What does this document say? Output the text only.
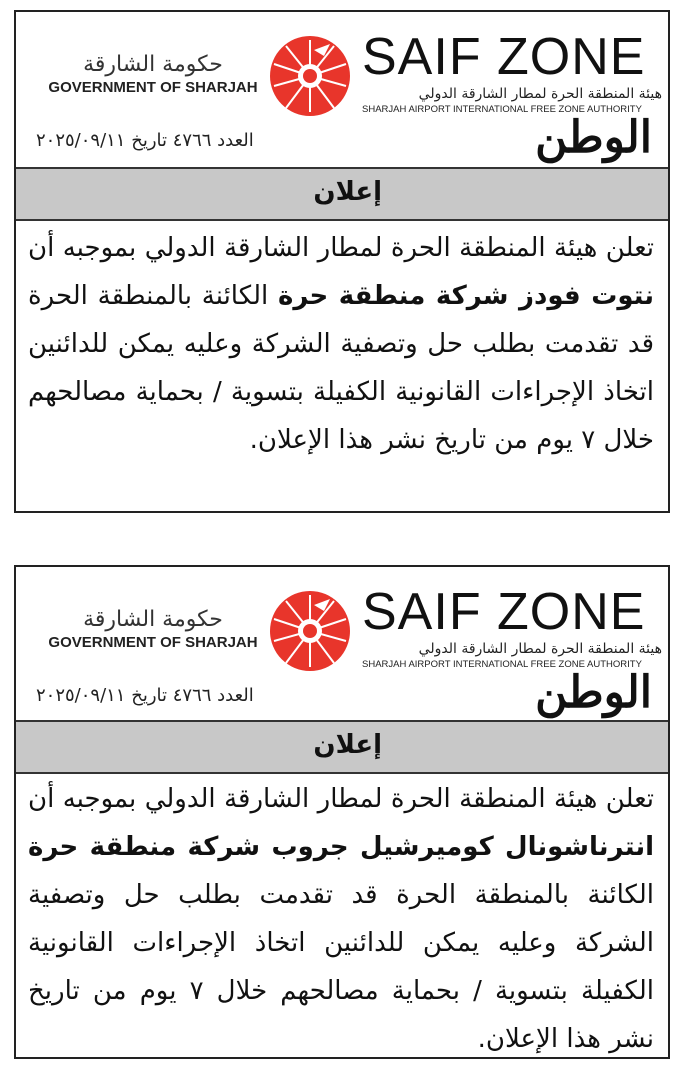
حكومة الشارقة
GOVERNMENT OF SHARJAH
SAIF ZONE
هيئة المنطقة الحرة لمطار الشارقة الدولي
SHARJAH AIRPORT INTERNATIONAL FREE ZONE AUTHORITY
العدد ٤٧٦٦ تاريخ ٢٠٢٥/٠٩/١١	الوطن
إعلان
تعلن هيئة المنطقة الحرة لمطار الشارقة الدولي بموجبه أن نتوت فودز شركة منطقة حرة الكائنة بالمنطقة الحرة قد تقدمت بطلب حل وتصفية الشركة وعليه يمكن للدائنين اتخاذ الإجراءات القانونية الكفيلة بتسوية / بحماية مصالحهم خلال ٧ يوم من تاريخ نشر هذا الإعلان.
حكومة الشارقة
GOVERNMENT OF SHARJAH
SAIF ZONE
هيئة المنطقة الحرة لمطار الشارقة الدولي
SHARJAH AIRPORT INTERNATIONAL FREE ZONE AUTHORITY
العدد ٤٧٦٦ تاريخ ٢٠٢٥/٠٩/١١	الوطن
إعلان
تعلن هيئة المنطقة الحرة لمطار الشارقة الدولي بموجبه أن انترناشونال كوميرشيل جروب شركة منطقة حرة الكائنة بالمنطقة الحرة قد تقدمت بطلب حل وتصفية الشركة وعليه يمكن للدائنين اتخاذ الإجراءات القانونية الكفيلة بتسوية / بحماية مصالحهم خلال ٧ يوم من تاريخ نشر هذا الإعلان.
